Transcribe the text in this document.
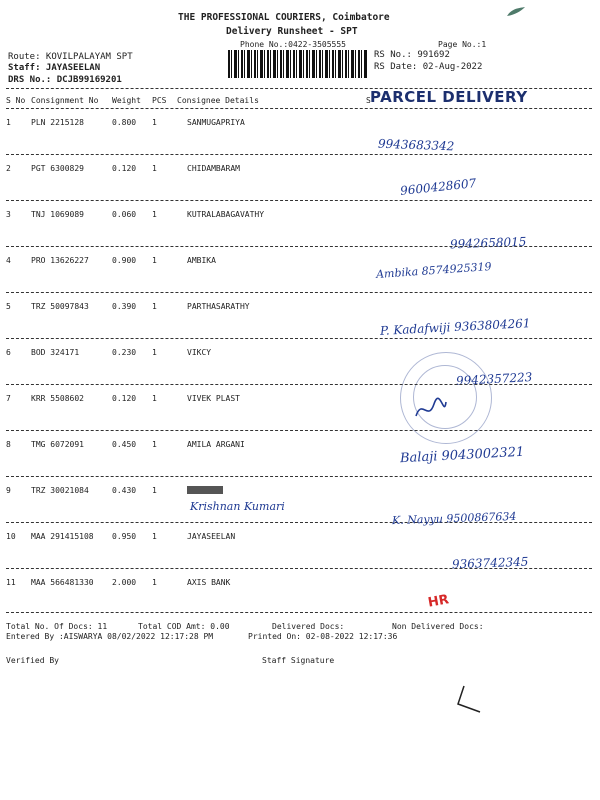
THE PROFESSIONAL COURIERS, Coimbatore
Delivery Runsheet - SPT
Phone No.:0422-3505555	Page No.:1
Route: KOVILPALAYAM SPT
Staff: JAYASEELAN
DRS No.: DCJB99169201
RS No.: 991692
RS Date: 02-Aug-2022
S No Consignment No Weight PCS Consignee Details	S PARCEL DELIVERY
1	PLN 2215128	0.800 1	SANMUGAPRIYA
9943683342
2	PGT 6300829	0.120 1	CHIDAMBARAM
9600428607
3	TNJ 1069089	0.060 1	KUTRALABAGAVATHY
9942658015
4	PRO 13626227	0.900 1	AMBIKA	Ambika 8574925319
5	TRZ 50097843	0.390 1	PARTHASARATHY
P. Kadafwiji 9363804261
6	BOD 324171	0.230 1	VIKCY
9942357223
7	KRR 5508602	0.120 1	VIVEK PLAST
8	TMG 6072091	0.450 1	AMILA ARGANI
Balaji 9043002321
9	TRZ 30021084	0.430 1
Krishnan Kumari
K. Nayyu 9500867634
10 MAA 291415108 0.950 1	JAYASEELAN
9363742345
11 MAA 566481330 2.000 1	AXIS BANK
HR
Total No. Of Docs: 11	Total COD Amt: 0.00	Delivered Docs:	Non Delivered Docs:
Entered By :AISWARYA 08/02/2022 12:17:28 PM	Printed On: 02-08-2022 12:17:36
Verified By	Staff Signature
